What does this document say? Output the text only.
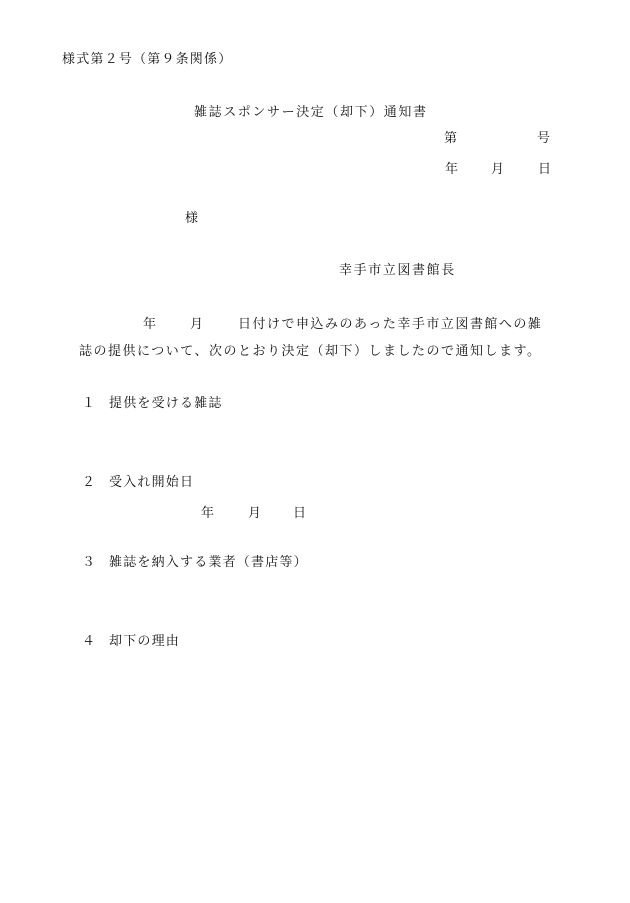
様式第２号（第９条関係）
雑誌スポンサー決定（却下）通知書
第	号
年 月	日
様
幸手市立図書館長
年	月	日付けで申込みのあった幸手市立図書館への雑
誌の提供について、次のとおり決定（却下）しましたので通知します。
１ 提供を受ける雑誌
２ 受入れ開始日
年	月 日
３ 雑誌を納入する業者（書店等）
４ 却下の理由
